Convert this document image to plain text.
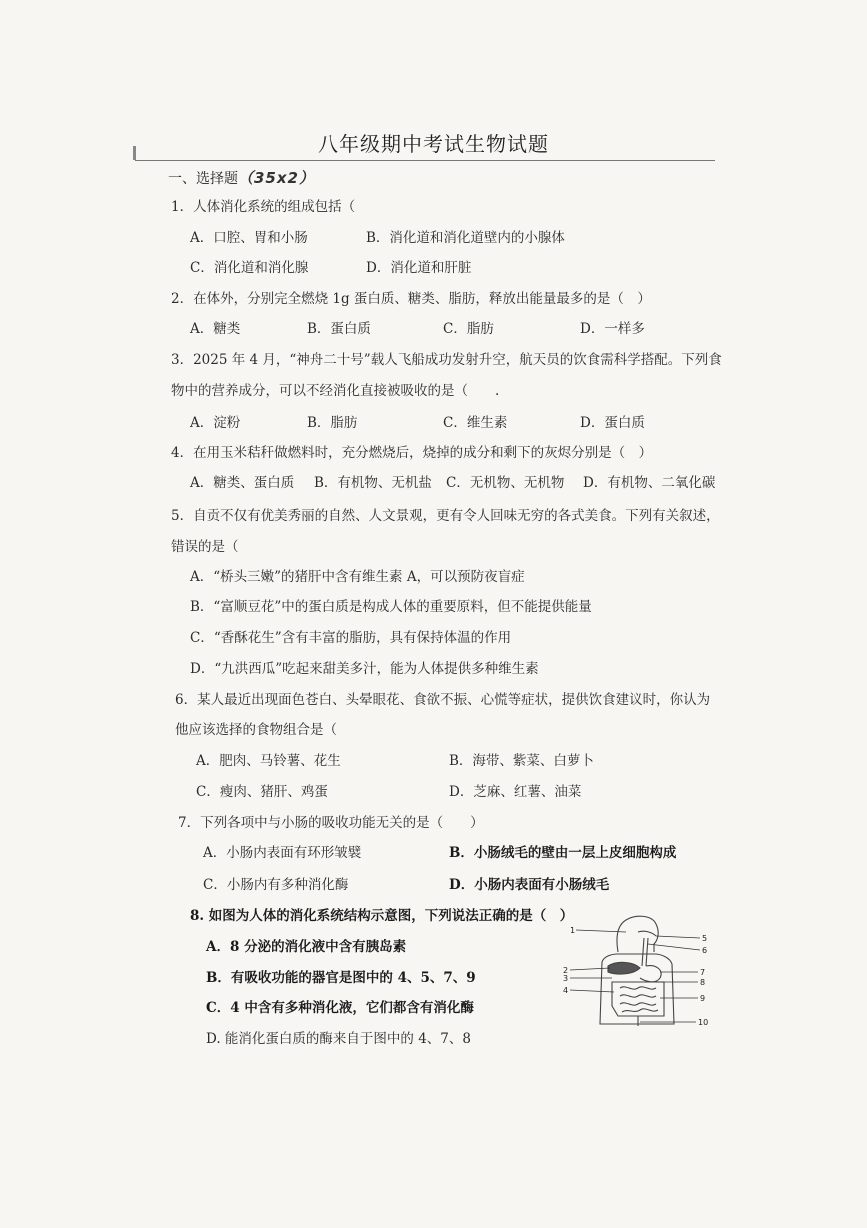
八年级期中考试生物试题
一、选择题（35x2）
1．人体消化系统的组成包括（
A．口腔、胃和小肠	B．消化道和消化道壁内的小腺体
C．消化道和消化腺	D．消化道和肝脏
2．在体外，分别完全燃烧 1g 蛋白质、糖类、脂肪，释放出能量最多的是（　）
A．糖类	B．蛋白质	C．脂肪	D．一样多
3．2025 年 4 月，“神舟二十号”载人飞船成功发射升空，航天员的饮食需科学搭配。下列食
物中的营养成分，可以不经消化直接被吸收的是（　　.
A．淀粉	B．脂肪	C．维生素	D．蛋白质
4．在用玉米秸秆做燃料时，充分燃烧后，烧掉的成分和剩下的灰烬分别是（　）
A．糖类、蛋白质 B．有机物、无机盐 C．无机物、无机物 D．有机物、二氧化碳
5．自贡不仅有优美秀丽的自然、人文景观，更有令人回味无穷的各式美食。下列有关叙述，
错误的是（
A．“桥头三嫩”的猪肝中含有维生素 A，可以预防夜盲症
B．“富顺豆花”中的蛋白质是构成人体的重要原料，但不能提供能量
C．“香酥花生”含有丰富的脂肪，具有保持体温的作用
D．“九洪西瓜”吃起来甜美多汁，能为人体提供多种维生素
6．某人最近出现面色苍白、头晕眼花、食欲不振、心慌等症状，提供饮食建议时，你认为
他应该选择的食物组合是（
A．肥肉、马铃薯、花生	B．海带、紫菜、白萝卜
C．瘦肉、猪肝、鸡蛋	D．芝麻、红薯、油菜
7．下列各项中与小肠的吸收功能无关的是（　　）
A．小肠内表面有环形皱襞	B．小肠绒毛的壁由一层上皮细胞构成
C．小肠内有多种消化酶	D．小肠内表面有小肠绒毛
8. 如图为人体的消化系统结构示意图，下列说法正确的是（　）
A．8 分泌的消化液中含有胰岛素
B．有吸收功能的器官是图中的 4、5、7、9
C．4 中含有多种消化液，它们都含有消化酶
D. 能消化蛋白质的酶来自于图中的 4、7、8
1
2
3
4
5
6
7
8
9
10
